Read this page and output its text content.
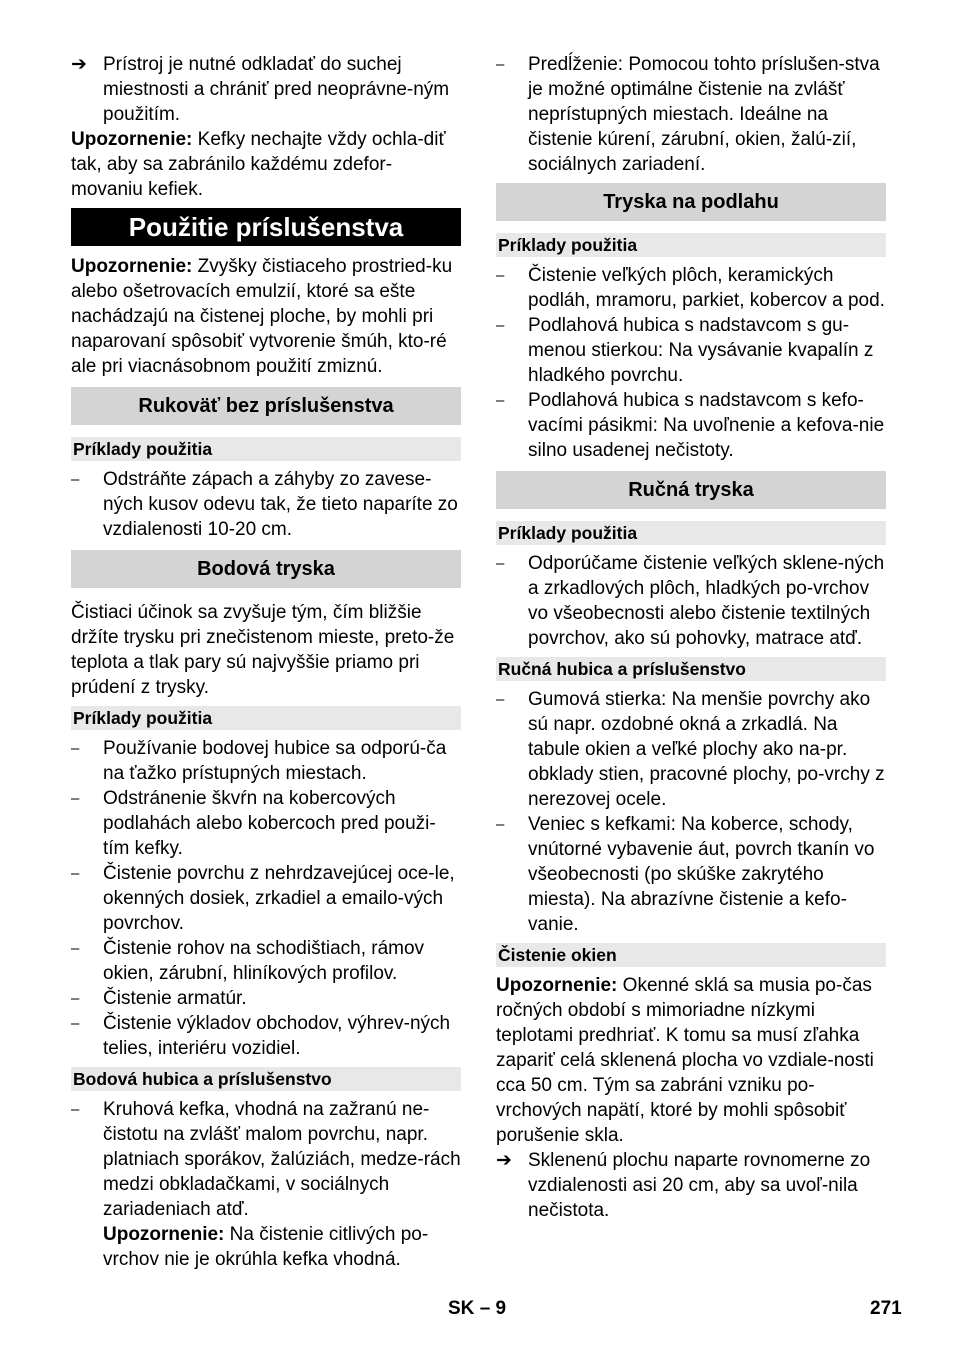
➔ Prístroj je nutné odkladať do suchej miestnosti a chrániť pred neoprávne-ným použitím.

Upozornenie: Kefky nechajte vždy ochla-diť tak, aby sa zabránilo každému zdefor-movaniu kefiek.

Použitie príslušenstva

Upozornenie: Zvyšky čistiaceho prostried-ku alebo ošetrovacích emulzií, ktoré sa ešte nachádzajú na čistenej ploche, by mohli pri naparovaní spôsobiť vytvorenie šmúh, kto-ré ale pri viacnásobnom použití zmiznú.

Rukoväť bez príslušenstva
Príklady použitia
–	Odstráňte zápach a záhyby zo zavese-ných kusov odevu tak, že tieto naparíte zo vzdialenosti 10-20 cm.
Bodová tryska

Čistiaci účinok sa zvyšuje tým, čím bližšie držíte trysku pri znečistenom mieste, preto-že teplota a tlak pary sú najvyššie priamo pri prúdení z trysky.

Príklady použitia
–	Používanie bodovej hubice sa odporú-ča na ťažko prístupných miestach.
–	Odstránenie škvŕn na kobercových podlahách alebo kobercoch pred použi-tím kefky.
–	Čistenie povrchu z nehrdzavejúcej oce-le, okenných dosiek, zrkadiel a emailo-vých povrchov.
–	Čistenie rohov na schodištiach, rámov okien, zárubní, hliníkových profilov.
–	Čistenie armatúr.
–	Čistenie výkladov obchodov, výhrev-ných telies, interiéru vozidiel.
Bodová hubica a príslušenstvo
–	Kruhová kefka, vhodná na zažranú ne-čistotu na zvlášť malom povrchu, napr. platniach sporákov, žalúziách, medze-rách medzi obkladačkami, v sociálnych zariadeniach atď.
Upozornenie: Na čistenie citlivých po-vrchov nie je okrúhla kefka vhodná.
–	Predĺženie: Pomocou tohto príslušen-stva je možné optimálne čistenie na zvlášť neprístupných miestach. Ideálne na čistenie kúrení, zárubní, okien, žalú-zií, sociálnych zariadení.
Tryska na podlahu
Príklady použitia
–	Čistenie veľkých plôch, keramických podláh, mramoru, parkiet, kobercov a pod.
–	Podlahová hubica s nadstavcom s gu-menou stierkou: Na vysávanie kvapalín z hladkého povrchu.
–	Podlahová hubica s nadstavcom s kefo-vacími pásikmi: Na uvoľnenie a kefova-nie silno usadenej nečistoty.
Ručná tryska
Príklady použitia
–	Odporúčame čistenie veľkých sklene-ných a zrkadlových plôch, hladkých po-vrchov vo všeobecnosti alebo čistenie textilných povrchov, ako sú pohovky, matrace atď.
Ručná hubica a príslušenstvo
–	Gumová stierka: Na menšie povrchy ako sú napr. ozdobné okná a zrkadlá. Na tabule okien a veľké plochy ako na-pr. obklady stien, pracovné plochy, po-vrchy z nerezovej ocele.
–	Veniec s kefkami: Na koberce, schody, vnútorné vybavenie áut, povrch tkanín vo všeobecnosti (po skúške zakrytého miesta). Na abrazívne čistenie a kefo-vanie.
Čistenie okien

Upozornenie: Okenné sklá sa musia po-čas ročných období s mimoriadne nízkymi teplotami predhriať. K tomu sa musí zľahka zapariť celá sklenená plocha vo vzdiale-nosti cca 50 cm. Tým sa zabráni vzniku po-vrchových napätí, ktoré by mohli spôsobiť porušenie skla.

➔ Sklenenú plochu naparte rovnomerne zo vzdialenosti asi 20 cm, aby sa uvoľ-nila nečistota.
SK – 9	271
